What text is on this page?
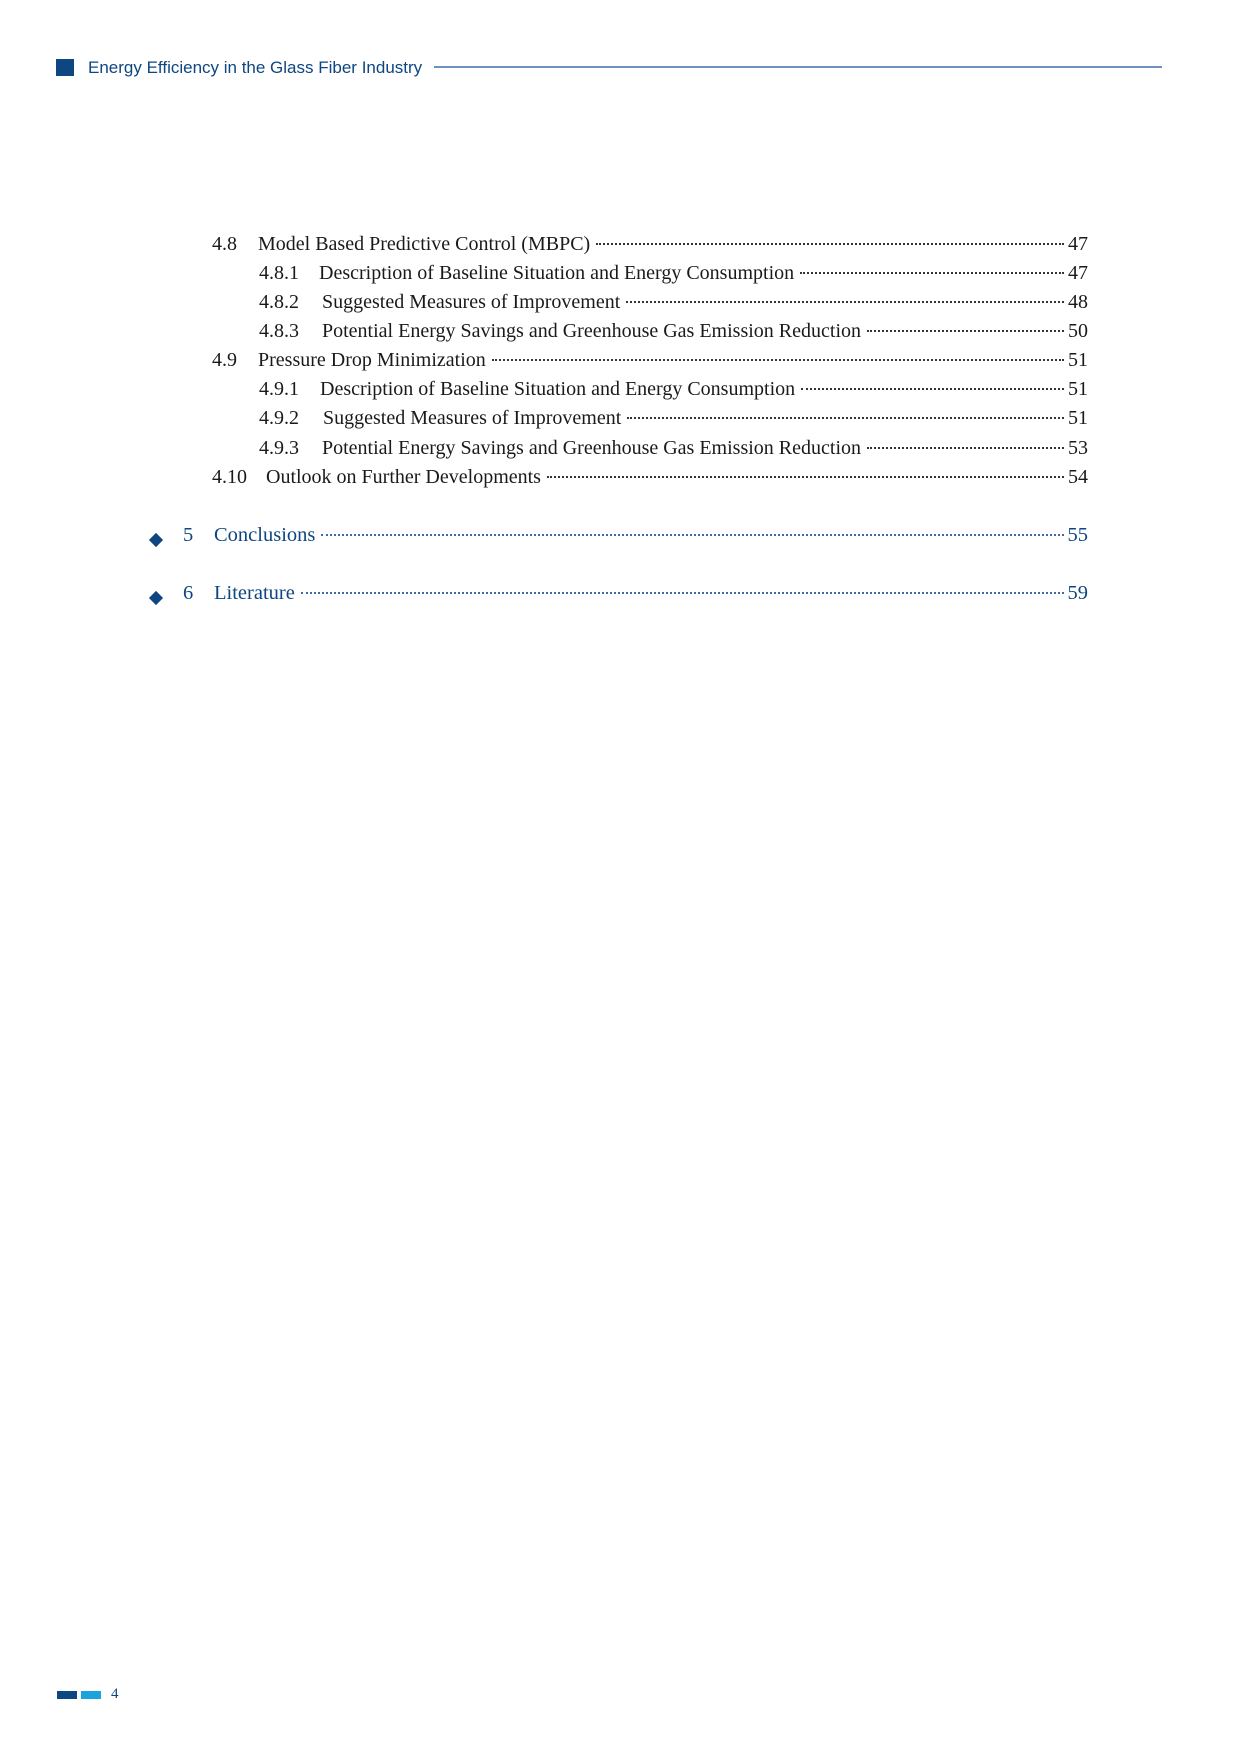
Energy Efficiency in the Glass Fiber Industry
4.8	Model Based Predictive Control (MBPC)	47
4.8.1	Description of Baseline Situation and Energy Consumption	47
4.8.2	Suggested Measures of Improvement	48
4.8.3	Potential Energy Savings and Greenhouse Gas Emission Reduction	50
4.9	Pressure Drop Minimization	51
4.9.1	Description of Baseline Situation and Energy Consumption	51
4.9.2	Suggested Measures of Improvement	51
4.9.3	Potential Energy Savings and Greenhouse Gas Emission Reduction	53
4.10 Outlook on Further Developments	54
5	Conclusions	55
6	Literature	59
4
